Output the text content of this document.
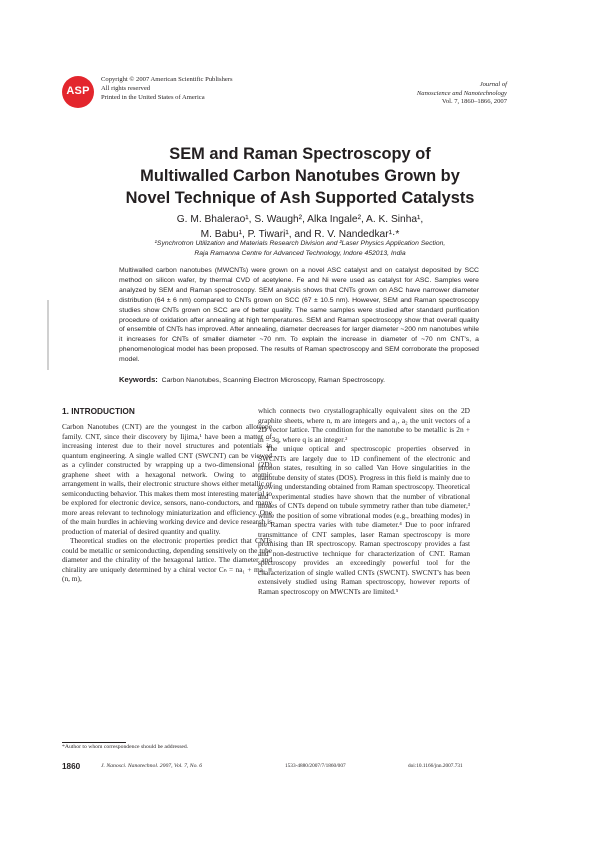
ASP
Copyright © 2007 American Scientific Publishers
All rights reserved
Printed in the United States of America
Journal of
Nanoscience and Nanotechnology
Vol. 7, 1860–1866, 2007
SEM and Raman Spectroscopy of
Multiwalled Carbon Nanotubes Grown by
Novel Technique of Ash Supported Catalysts
G. M. Bhalerao¹, S. Waugh², Alka Ingale², A. K. Sinha¹,
M. Babu¹, P. Tiwari¹, and R. V. Nandedkar¹·*
¹Synchrotron Utilization and Materials Research Division and ²Laser Physics Application Section,
Raja Ramanna Centre for Advanced Technology, Indore 452013, India
Multiwalled carbon nanotubes (MWCNTs) were grown on a novel ASC catalyst and on catalyst deposited by SCC method on silicon wafer, by thermal CVD of acetylene. Fe and Ni were used as catalyst for ASC. Samples were analyzed by SEM and Raman spectroscopy. SEM analysis shows that CNTs grown on ASC have narrower diameter distribution (64 ± 6 nm) compared to CNTs grown on SCC (67 ± 10.5 nm). However, SEM and Raman spectroscopy studies show CNTs grown on SCC are of better quality. The same samples were studied after standard purification procedure of oxidation after annealing at high temperatures. SEM and Raman spectroscopy show that overall quality of ensemble of CNTs has improved. After annealing, diameter decreases for larger diameter ~200 nm nanotubes while it increases for CNTs of smaller diameter ~70 nm. To explain the increase in diameter of ~70 nm CNT's, a phenomenological model has been proposed. The results of Raman spectroscopy and SEM corroborate the proposed model.
Keywords: Carbon Nanotubes, Scanning Electron Microscopy, Raman Spectroscopy.
1. INTRODUCTION

Carbon Nanotubes (CNT) are the youngest in the carbon allotrope family. CNT, since their discovery by Iijima,¹ have been a matter of increasing interest due to their novel structures and potentials in quantum engineering. A single walled CNT (SWCNT) can be viewed as a cylinder constructed by wrapping up a two-dimensional (2D) graphene sheet with a hexagonal network. Owing to atomic arrangement in walls, their electronic structure shows either metallic or semiconducting behavior. This makes them most interesting material to be explored for electronic device, sensors, nano-conductors, and many more areas relevant to technology miniaturization and efficiency. One of the main hurdles in achieving working device and device research is production of material of desired quantity and quality.

Theoretical studies on the electronic properties predict that CNTs could be metallic or semiconducting, depending sensitively on the tube diameter and the chirality of the hexagonal lattice. The diameter and chirality are uniquely determined by a chiral vector Cₕ = na₁ + ma₂ ≡ (n, m),

which connects two crystallographically equivalent sites on the 2D graphite sheets, where n, m are integers and a₁, a₂ the unit vectors of a 2D vector lattice. The condition for the nanotube to be metallic is 2n + m = 3q, where q is an integer.²

The unique optical and spectroscopic properties observed in SWCNTs are largely due to 1D confinement of the electronic and phonon states, resulting in so called Van Hove singularities in the nanotube density of states (DOS). Progress in this field is mainly due to growing understanding obtained from Raman spectroscopy. Theoretical and experimental studies have shown that the number of vibrational modes of CNTs depend on tubule symmetry rather than tube diameter,³ while the position of some vibrational modes (e.g., breathing modes) in the Raman spectra varies with tube diameter.⁴ Due to poor infrared transmittance of CNT samples, laser Raman spectroscopy is more promising than IR spectroscopy. Raman spectroscopy provides a fast and non-destructive technique for characterization of CNT. Raman spectroscopy provides an exceedingly powerful tool for the characterization of single walled CNTs (SWCNT). SWCNT's has been extensively studied using Raman spectroscopy, however reports of Raman spectroscopy on MWCNTs are limited.⁵

*Author to whom correspondence should be addressed.
1860	J. Nanosci. Nanotechnol. 2007, Vol. 7, No. 6	1533-4880/2007/7/1860/007	doi:10.1166/jnn.2007.731
